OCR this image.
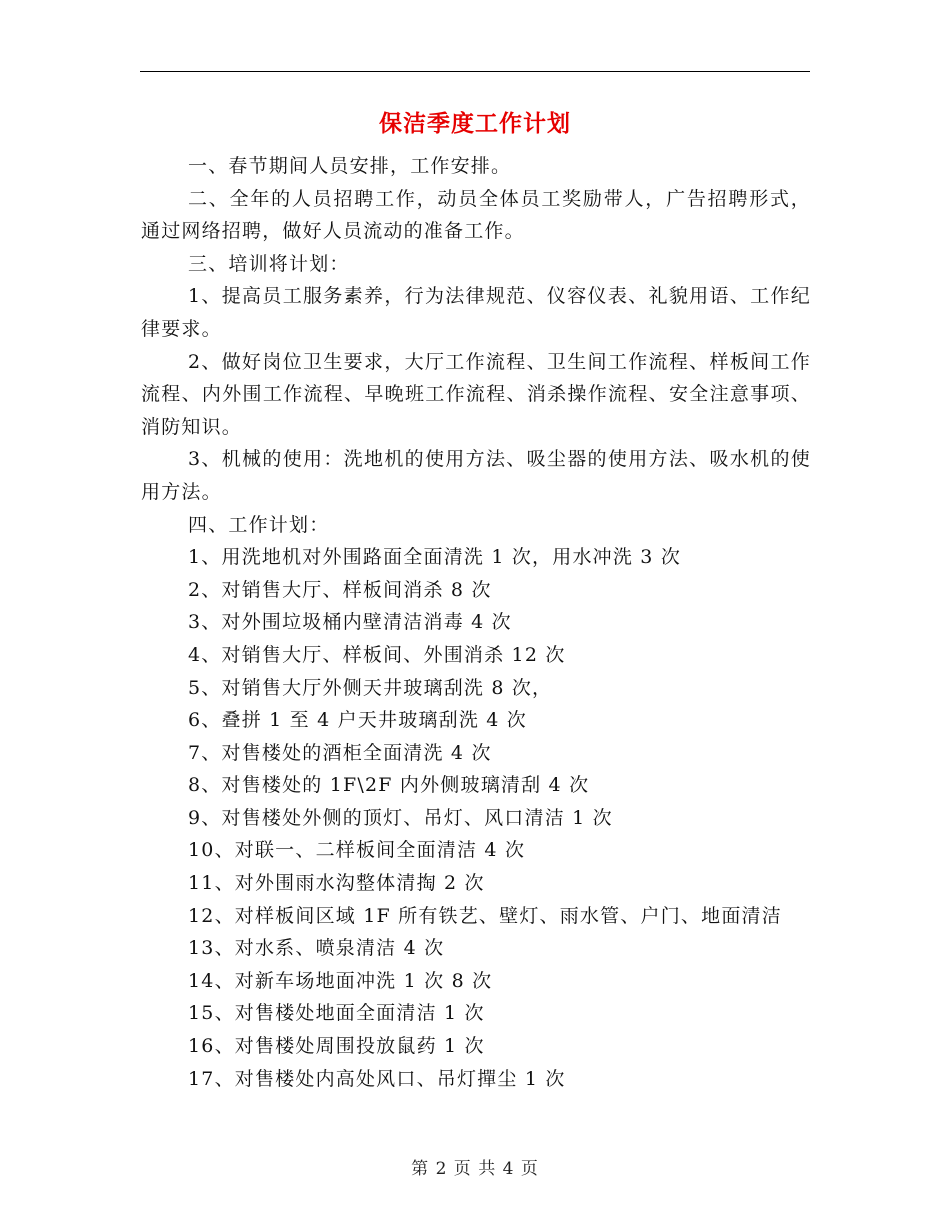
保洁季度工作计划

一、春节期间人员安排，工作安排。

二、全年的人员招聘工作，动员全体员工奖励带人，广告招聘形式，通过网络招聘，做好人员流动的准备工作。

三、培训将计划：

1、提高员工服务素养，行为法律规范、仪容仪表、礼貌用语、工作纪律要求。

2、做好岗位卫生要求，大厅工作流程、卫生间工作流程、样板间工作流程、内外围工作流程、早晚班工作流程、消杀操作流程、安全注意事项、消防知识。

3、机械的使用：洗地机的使用方法、吸尘器的使用方法、吸水机的使用方法。

四、工作计划：

1、用洗地机对外围路面全面清洗 1 次，用水冲洗 3 次

2、对销售大厅、样板间消杀 8 次

3、对外围垃圾桶内壁清洁消毒 4 次

4、对销售大厅、样板间、外围消杀 12 次

5、对销售大厅外侧天井玻璃刮洗 8 次，

6、叠拼 1 至 4 户天井玻璃刮洗 4 次

7、对售楼处的酒柜全面清洗 4 次

8、对售楼处的 1F\2F 内外侧玻璃清刮 4 次

9、对售楼处外侧的顶灯、吊灯、风口清洁 1 次

10、对联一、二样板间全面清洁 4 次

11、对外围雨水沟整体清掏 2 次

12、对样板间区域 1F 所有铁艺、壁灯、雨水管、户门、地面清洁

13、对水系、喷泉清洁 4 次

14、对新车场地面冲洗 1 次 8 次

15、对售楼处地面全面清洁 1 次

16、对售楼处周围投放鼠药 1 次

17、对售楼处内高处风口、吊灯撣尘 1 次

第 2 页 共 4 页
